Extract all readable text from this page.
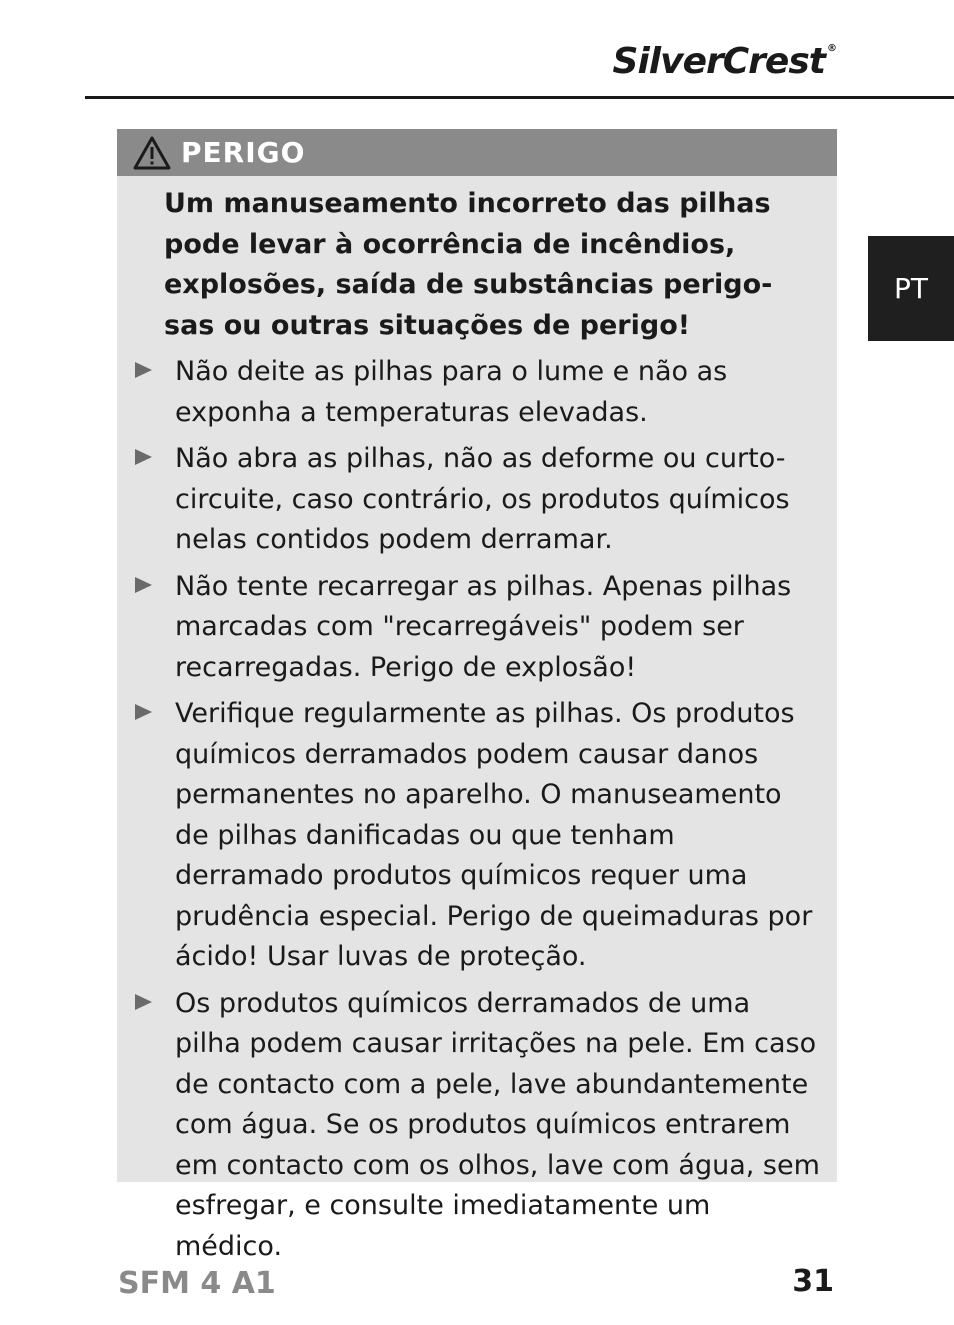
SilverCrest ®
PT
PERIGO
Um manuseamento incorreto das pilhas pode levar à ocorrência de incêndios, explosões, saída de substâncias perigosas ou outras situações de perigo!
Não deite as pilhas para o lume e não as exponha a temperaturas elevadas.
Não abra as pilhas, não as deforme ou curto-circuite, caso contrário, os produtos químicos nelas contidos podem derramar.
Não tente recarregar as pilhas. Apenas pilhas marcadas com "recarregáveis" podem ser recarregadas. Perigo de explosão!
Verifique regularmente as pilhas. Os produtos químicos derramados podem causar danos permanentes no aparelho. O manuseamento de pilhas danificadas ou que tenham derramado produtos químicos requer uma prudência especial. Perigo de queimaduras por ácido! Usar luvas de proteção.
Os produtos químicos derramados de uma pilha podem causar irritações na pele. Em caso de contacto com a pele, lave abundantemente com água. Se os produtos químicos entrarem em contacto com os olhos, lave com água, sem esfregar, e consulte imediatamente um médico.
SFM 4 A1	31
